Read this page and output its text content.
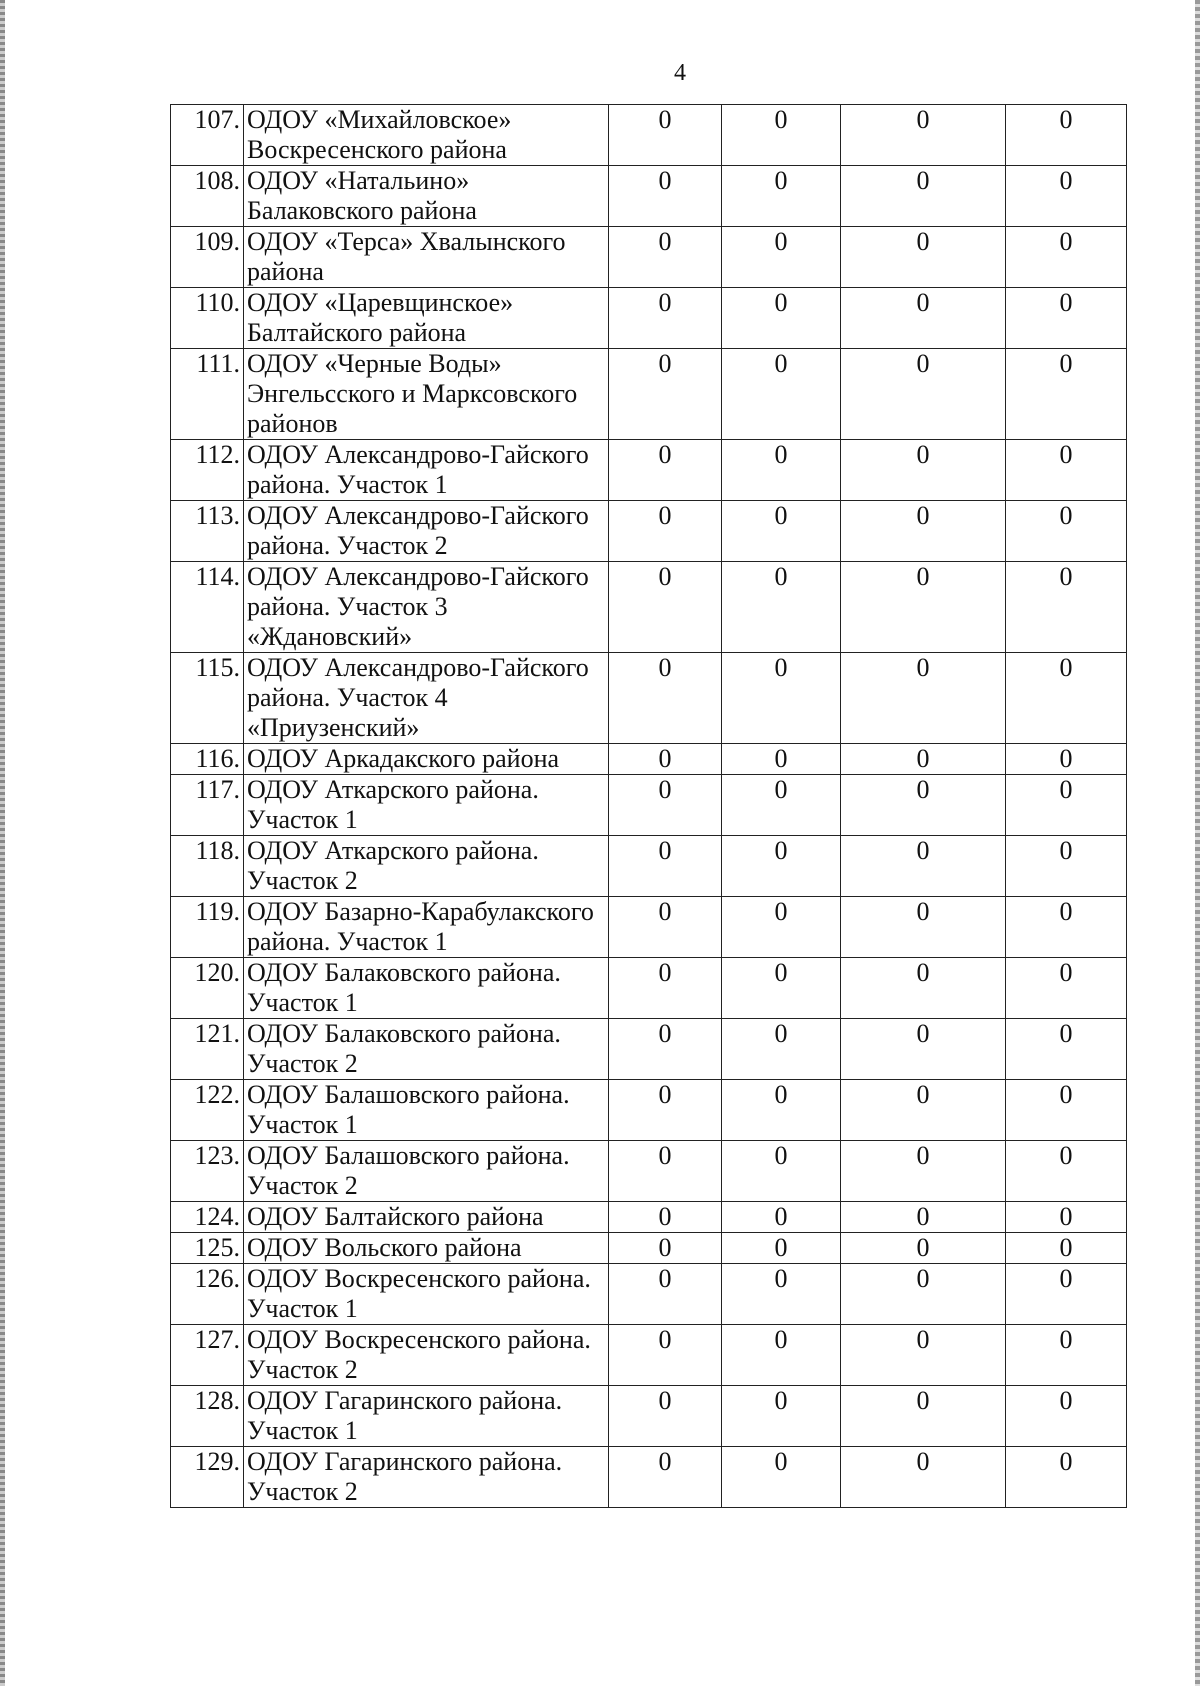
4
107.	ОДОУ «Михайловское» Воскресенского района	0	0	0	0
108.	ОДОУ «Натальино» Балаковского района	0	0	0	0
109.	ОДОУ «Терса» Хвалынского района	0	0	0	0
110.	ОДОУ «Царевщинское» Балтайского района	0	0	0	0
111.	ОДОУ «Черные Воды» Энгельсского и Марксовского районов	0	0	0	0
112.	ОДОУ Александрово-Гайского района. Участок 1	0	0	0	0
113.	ОДОУ Александрово-Гайского района. Участок 2	0	0	0	0
114.	ОДОУ Александрово-Гайского района. Участок 3 «Ждановский»	0	0	0	0
115.	ОДОУ Александрово-Гайского района. Участок 4 «Приузенский»	0	0	0	0
116.	ОДОУ Аркадакского района	0	0	0	0
117.	ОДОУ Аткарского района. Участок 1	0	0	0	0
118.	ОДОУ Аткарского района. Участок 2	0	0	0	0
119.	ОДОУ Базарно-Карабулакского района. Участок 1	0	0	0	0
120.	ОДОУ Балаковского района. Участок 1	0	0	0	0
121.	ОДОУ Балаковского района. Участок 2	0	0	0	0
122.	ОДОУ Балашовского района. Участок 1	0	0	0	0
123.	ОДОУ Балашовского района. Участок 2	0	0	0	0
124.	ОДОУ Балтайского района	0	0	0	0
125.	ОДОУ Вольского района	0	0	0	0
126.	ОДОУ Воскресенского района. Участок 1	0	0	0	0
127.	ОДОУ Воскресенского района. Участок 2	0	0	0	0
128.	ОДОУ Гагаринского района. Участок 1	0	0	0	0
129.	ОДОУ Гагаринского района. Участок 2	0	0	0	0
